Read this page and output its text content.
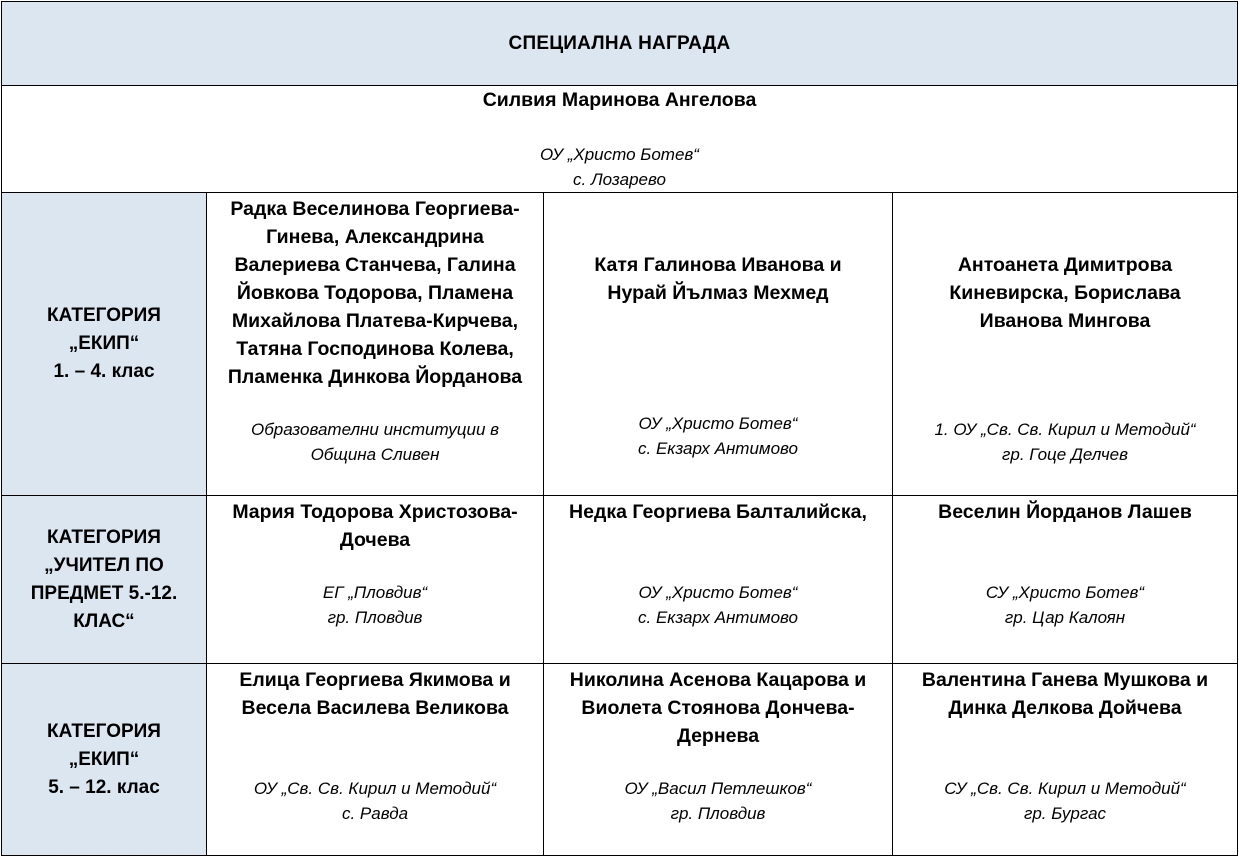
СПЕЦИАЛНА НАГРАДА
Силвия Маринова Ангелова
ОУ „Христо Ботев“
с. Лозарево
КАТЕГОРИЯ
„ЕКИП“
1. – 4. клас
КАТЕГОРИЯ
„УЧИТЕЛ ПО
ПРЕДМЕТ 5.-12.
КЛАС“
КАТЕГОРИЯ
„ЕКИП“
5. – 12. клас
Радка Веселинова Георгиева-
Гинева, Александрина
Валериева Станчева, Галина
Йовкова Тодорова, Пламена
Михайлова Платева-Кирчева,
Татяна Господинова Колева,
Пламенка Динкова Йорданова
Образователни институции в
Община Сливен
Катя Галинова Иванова и
Нурай Йълмаз Мехмед
ОУ „Христо Ботев“
с. Екзарх Антимово
Антоанета Димитрова
Киневирска, Борислава
Иванова Мингова
1. ОУ „Св. Св. Кирил и Методий“
гр. Гоце Делчев
Мария Тодорова Христозова-
Дочева
ЕГ „Пловдив“
гр. Пловдив
Недка Георгиева Балталийска,
ОУ „Христо Ботев“
с. Екзарх Антимово
Веселин Йорданов Лашев
СУ „Христо Ботев“
гр. Цар Калоян
Елица Георгиева Якимова и
Весела Василева Великова
ОУ „Св. Св. Кирил и Методий“
с. Равда
Николина Асенова Кацарова и
Виолета Стоянова Дончева-
Дернева
ОУ „Васил Петлешков“
гр. Пловдив
Валентина Ганева Мушкова и
Динка Делкова Дойчева
СУ „Св. Св. Кирил и Методий“
гр. Бургас
